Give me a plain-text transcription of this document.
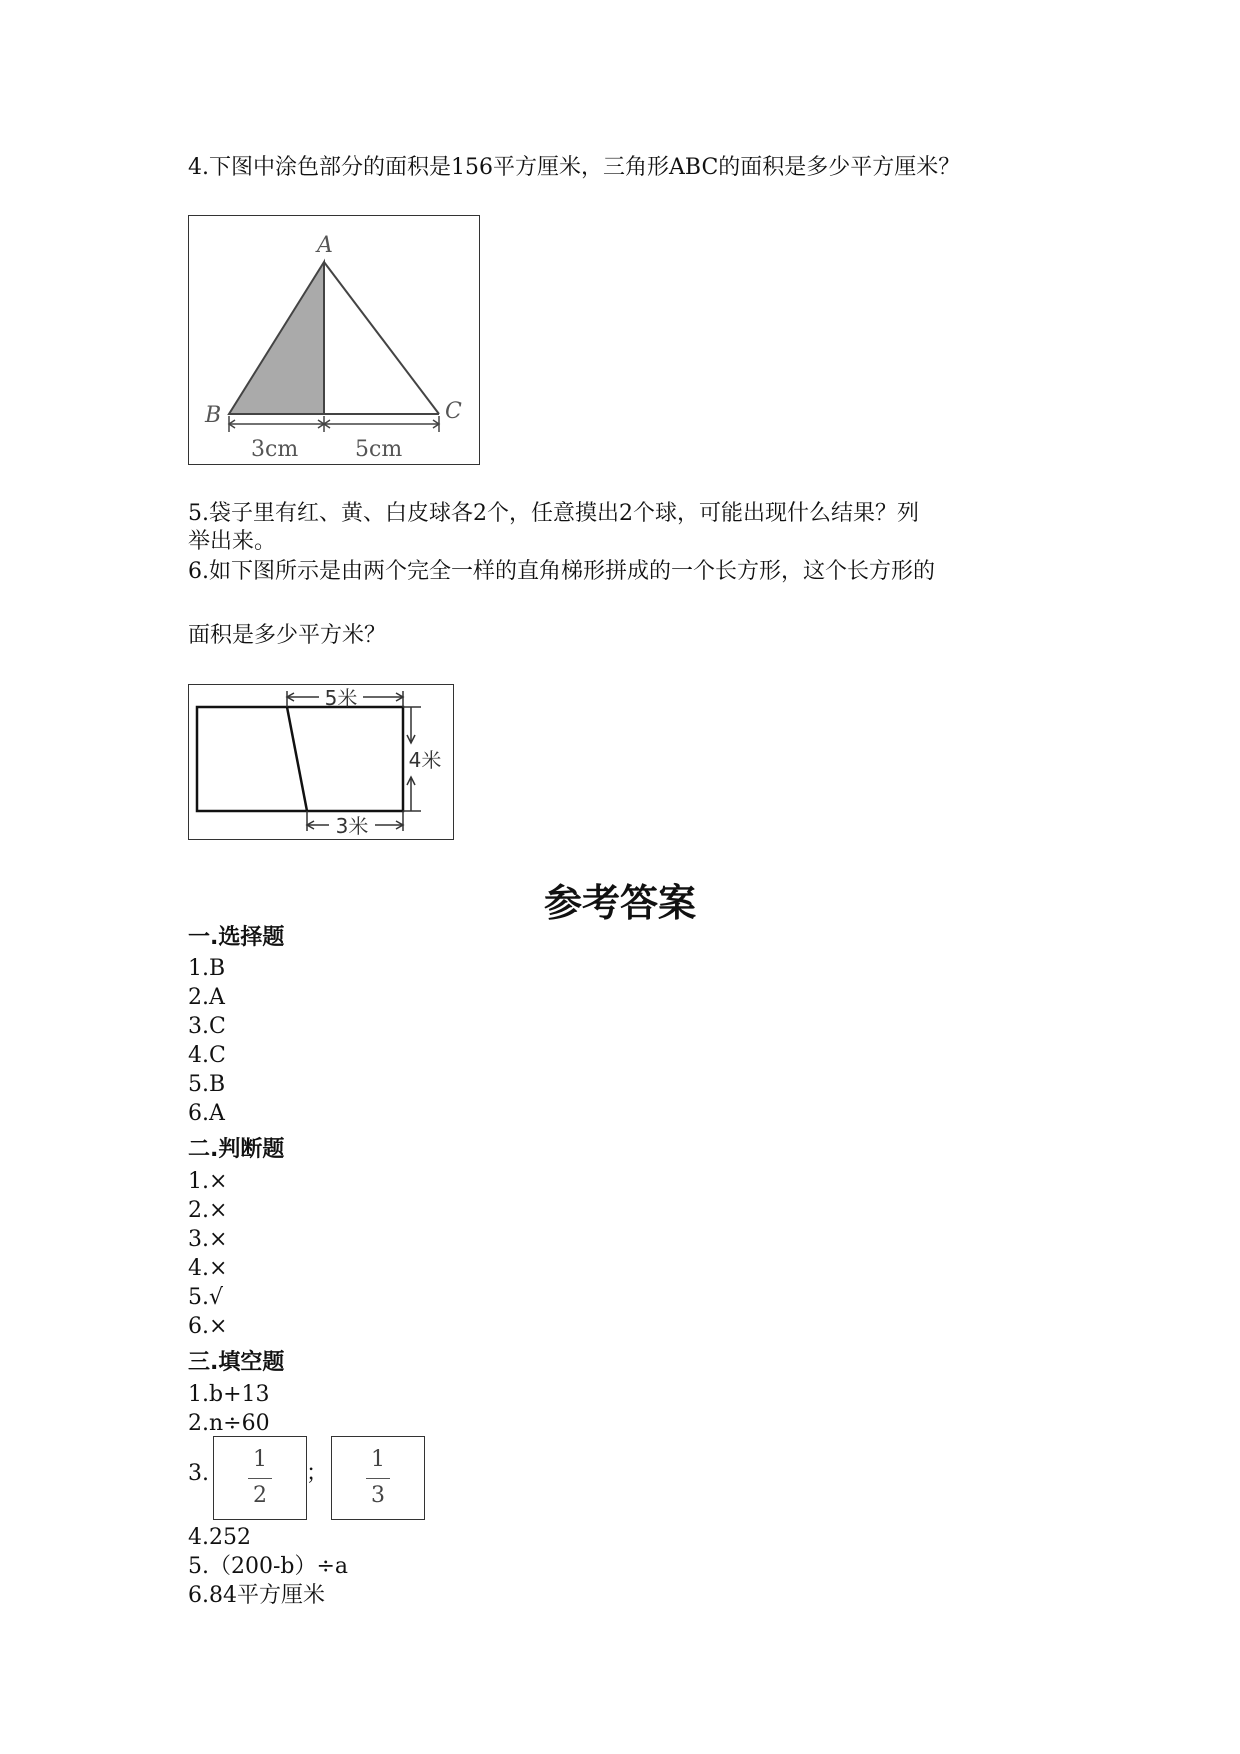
4.下图中涂色部分的面积是156平方厘米，三角形ABC的面积是多少平方厘米？
A
B	C
3cm	5cm
5.袋子里有红、黄、白皮球各2个，任意摸出2个球，可能出现什么结果？列
举出来。
6.如下图所示是由两个完全一样的直角梯形拼成的一个长方形，这个长方形的
面积是多少平方米？
5米
4米
3米
参考答案
一.选择题
1.B
2.A
3.C
4.C
5.B
6.A
二.判断题
1.×
2.×
3.×
4.×
5.√
6.×
三.填空题
1.b+13
2.n÷60
3.
1
2
；
1
3
4.252
5.（200-b）÷a
6.84平方厘米
